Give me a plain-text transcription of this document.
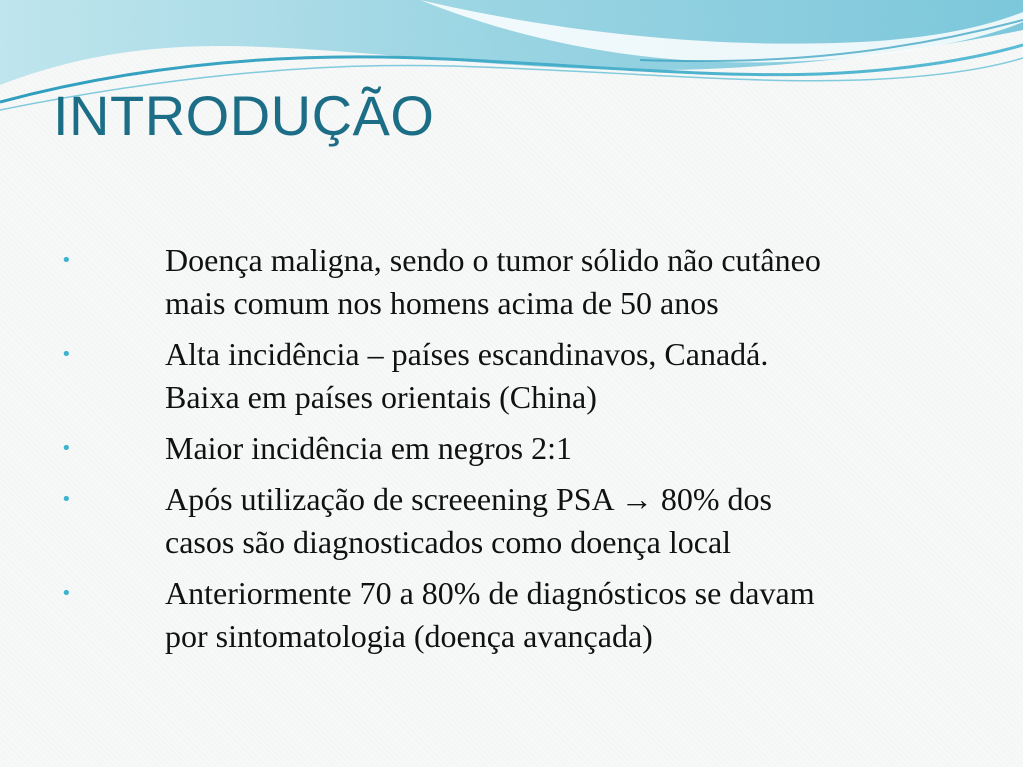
INTRODUÇÃO
•	Doença maligna, sendo o tumor sólido não cutâneo
mais comum nos homens acima de 50 anos
•	Alta incidência – países escandinavos, Canadá.
Baixa em países orientais (China)
•	Maior incidência em negros 2:1
•	Após utilização de screeening PSA → 80% dos
casos são diagnosticados como doença local
•	Anteriormente 70 a 80% de diagnósticos se davam
por sintomatologia (doença avançada)
